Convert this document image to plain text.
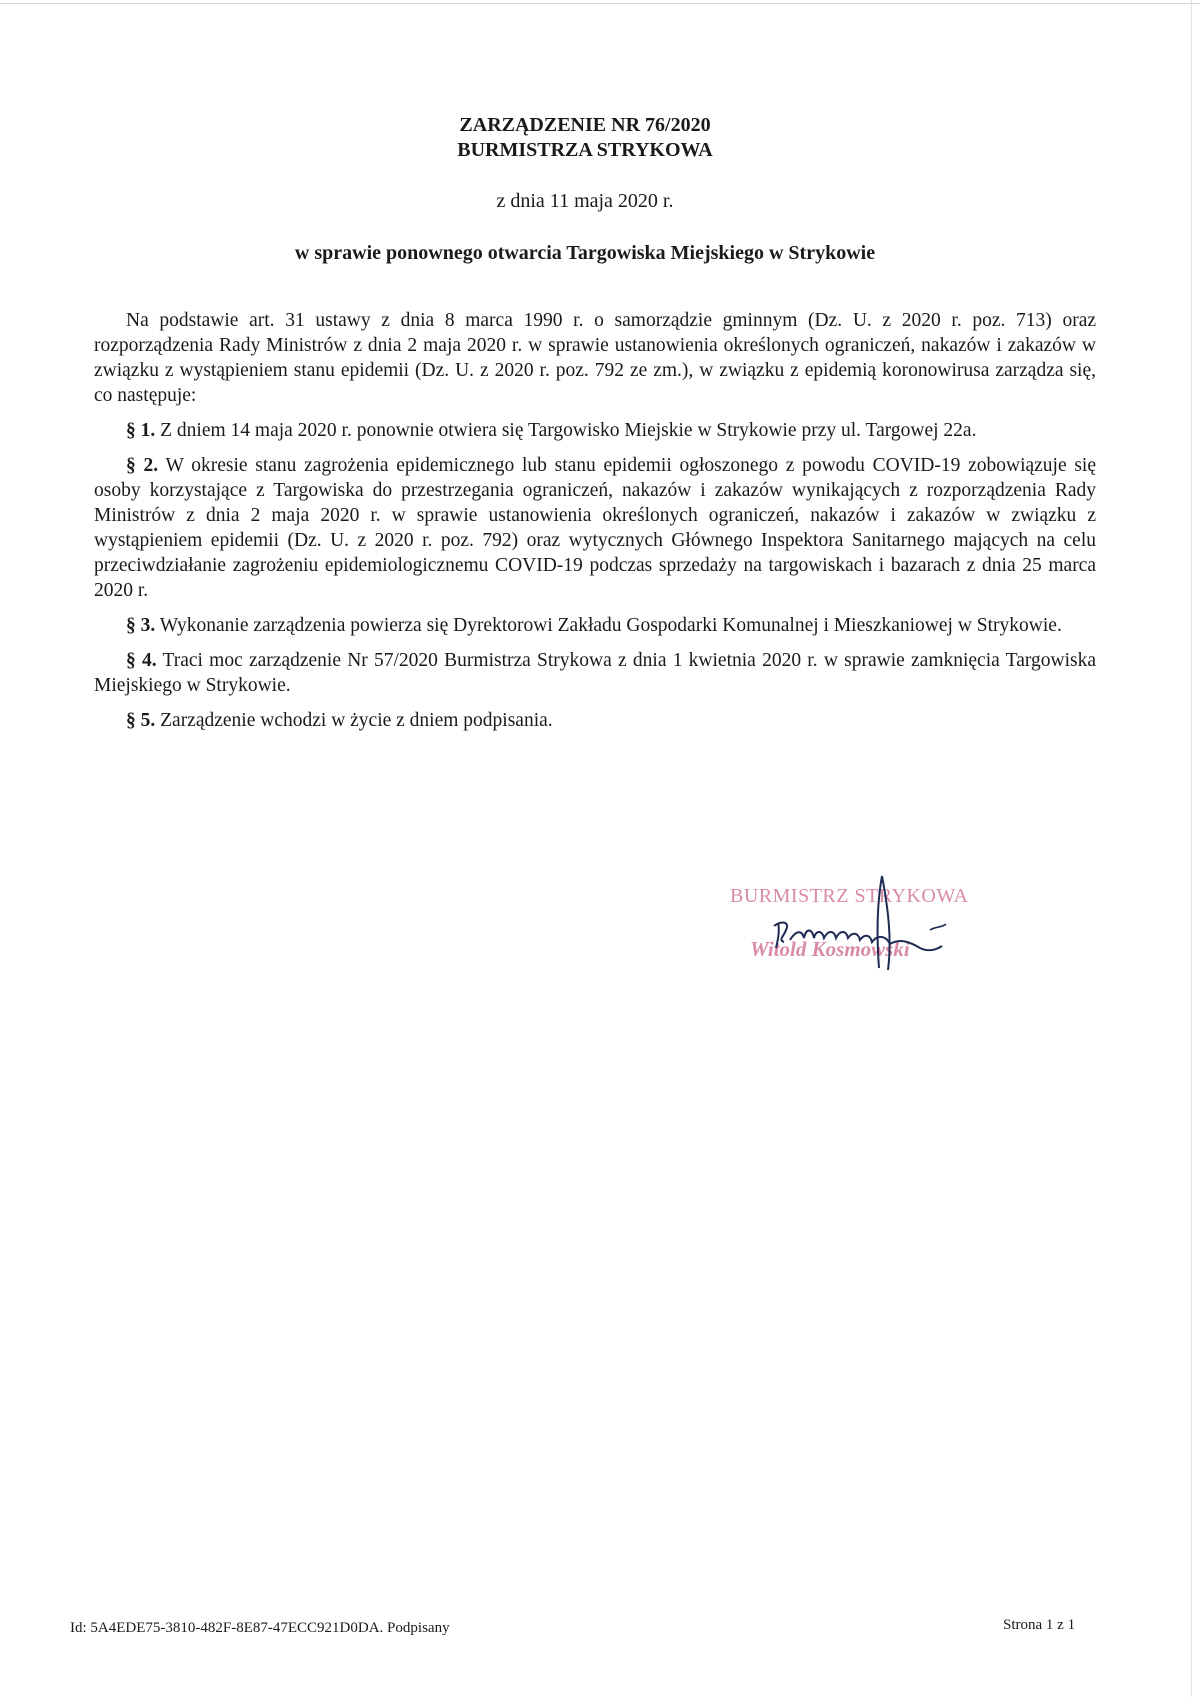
ZARZĄDZENIE NR 76/2020
BURMISTRZA STRYKOWA
z dnia 11 maja 2020 r.
w sprawie ponownego otwarcia Targowiska Miejskiego w Strykowie

Na podstawie art. 31 ustawy z dnia 8 marca 1990 r. o samorządzie gminnym (Dz. U. z 2020 r. poz. 713) oraz rozporządzenia Rady Ministrów z dnia 2 maja 2020 r. w sprawie ustanowienia określonych ograniczeń, nakazów i zakazów w związku z wystąpieniem stanu epidemii (Dz. U. z 2020 r. poz. 792 ze zm.), w związku z epidemią koronowirusa zarządza się, co następuje:

§ 1. Z dniem 14 maja 2020 r. ponownie otwiera się Targowisko Miejskie w Strykowie przy ul. Targowej 22a.

§ 2. W okresie stanu zagrożenia epidemicznego lub stanu epidemii ogłoszonego z powodu COVID-19 zobowiązuje się osoby korzystające z Targowiska do przestrzegania ograniczeń, nakazów i zakazów wynikających z rozporządzenia Rady Ministrów z dnia 2 maja 2020 r. w sprawie ustanowienia określonych ograniczeń, nakazów i zakazów w związku z wystąpieniem epidemii (Dz. U. z 2020 r. poz. 792) oraz wytycznych Głównego Inspektora Sanitarnego mających na celu przeciwdziałanie zagrożeniu epidemiologicznemu COVID-19 podczas sprzedaży na targowiskach i bazarach z dnia 25 marca 2020 r.

§ 3. Wykonanie zarządzenia powierza się Dyrektorowi Zakładu Gospodarki Komunalnej i Mieszkaniowej w Strykowie.

§ 4. Traci moc zarządzenie Nr 57/2020 Burmistrza Strykowa z dnia 1 kwietnia 2020 r. w sprawie zamknięcia Targowiska Miejskiego w Strykowie.

§ 5. Zarządzenie wchodzi w życie z dniem podpisania.

BURMISTRZ STRYKOWA
Witold Kosmowski
Id: 5A4EDE75-3810-482F-8E87-47ECC921D0DA. Podpisany	Strona 1 z 1
